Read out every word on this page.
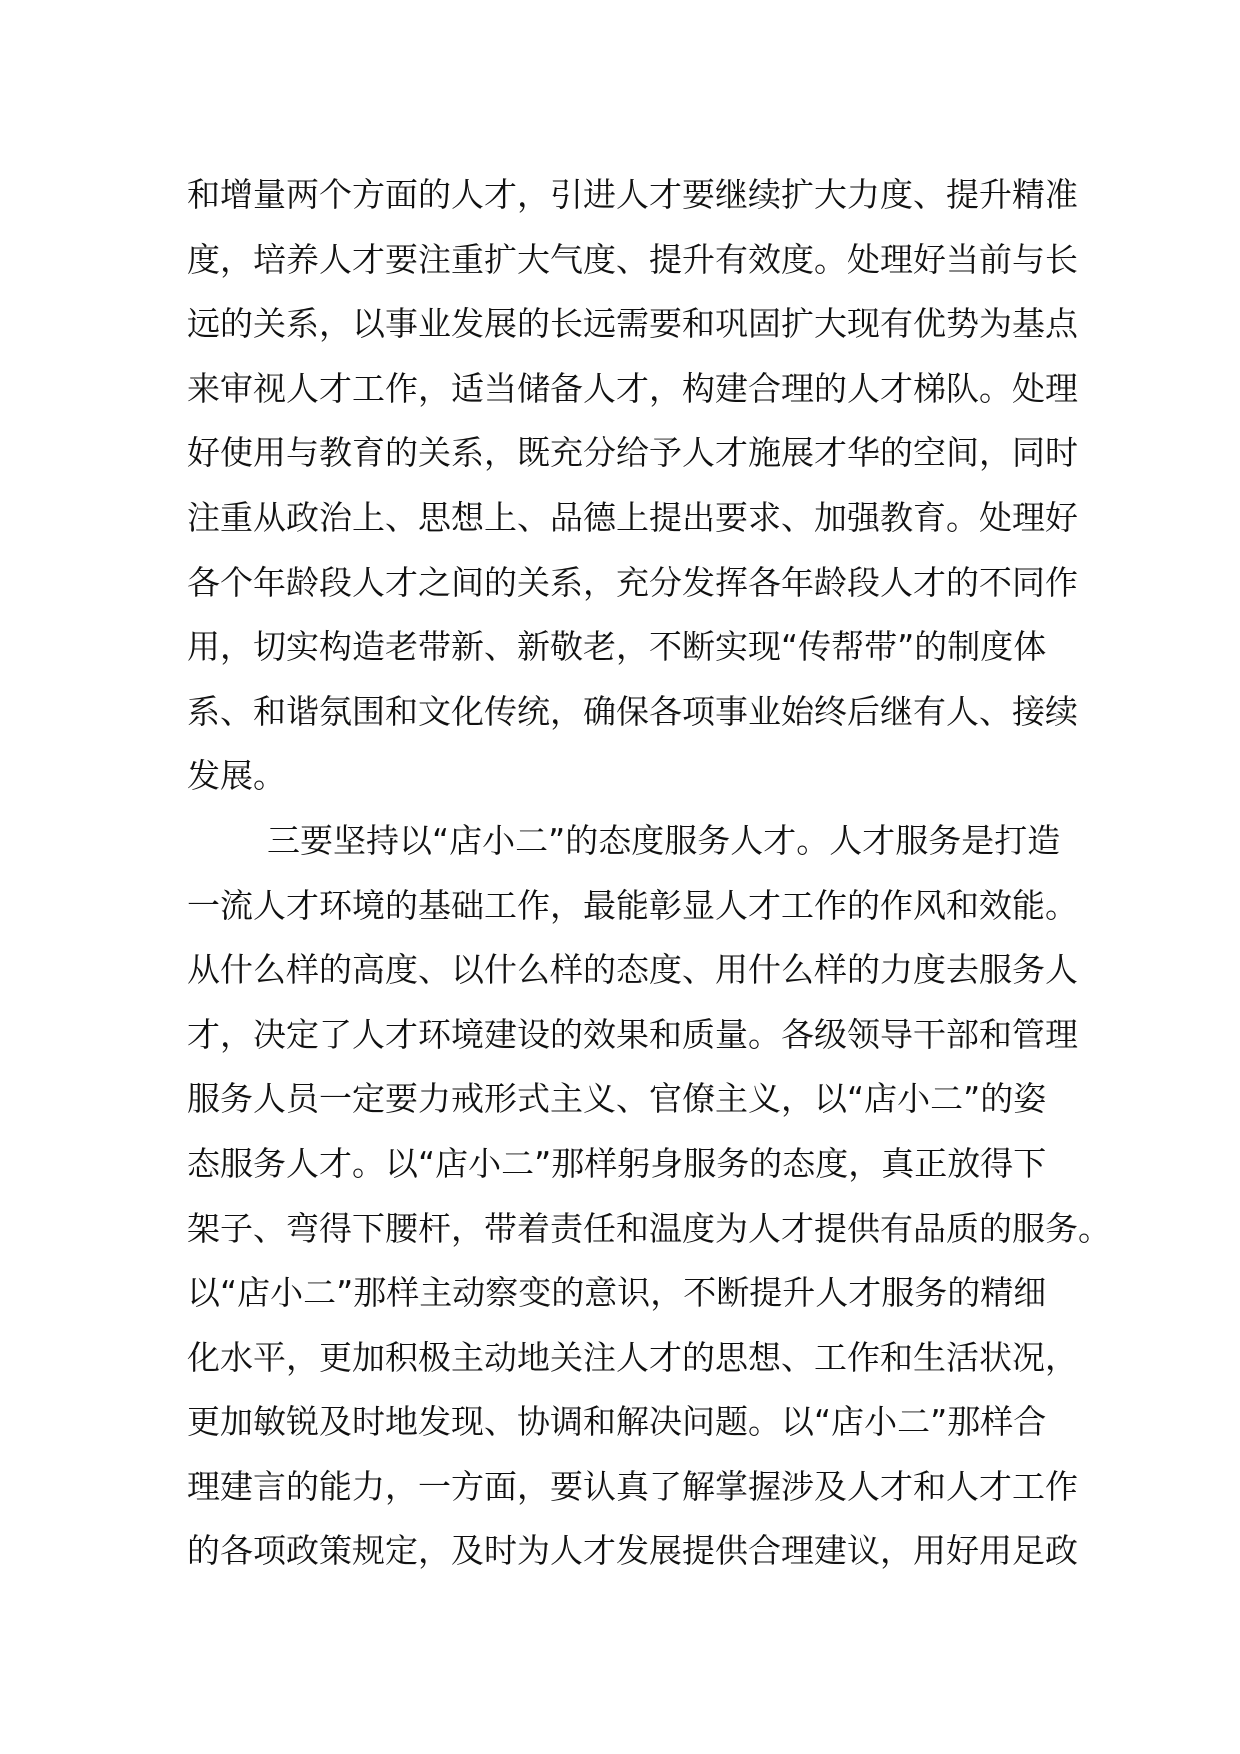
和增量两个方面的人才，引进人才要继续扩大力度、提升精准
度，培养人才要注重扩大气度、提升有效度。处理好当前与长
远的关系，以事业发展的长远需要和巩固扩大现有优势为基点
来审视人才工作，适当储备人才，构建合理的人才梯队。处理
好使用与教育的关系，既充分给予人才施展才华的空间，同时
注重从政治上、思想上、品德上提出要求、加强教育。处理好
各个年龄段人才之间的关系，充分发挥各年龄段人才的不同作
用，切实构造老带新、新敬老，不断实现“传帮带”的制度体
系、和谐氛围和文化传统，确保各项事业始终后继有人、接续
发展。
三要坚持以“店小二”的态度服务人才。人才服务是打造
一流人才环境的基础工作，最能彰显人才工作的作风和效能。
从什么样的高度、以什么样的态度、用什么样的力度去服务人
才，决定了人才环境建设的效果和质量。各级领导干部和管理
服务人员一定要力戒形式主义、官僚主义，以“店小二”的姿
态服务人才。以“店小二”那样躬身服务的态度，真正放得下
架子、弯得下腰杆，带着责任和温度为人才提供有品质的服务。
以“店小二”那样主动察变的意识，不断提升人才服务的精细
化水平，更加积极主动地关注人才的思想、工作和生活状况，
更加敏锐及时地发现、协调和解决问题。以“店小二”那样合
理建言的能力，一方面，要认真了解掌握涉及人才和人才工作
的各项政策规定，及时为人才发展提供合理建议，用好用足政
